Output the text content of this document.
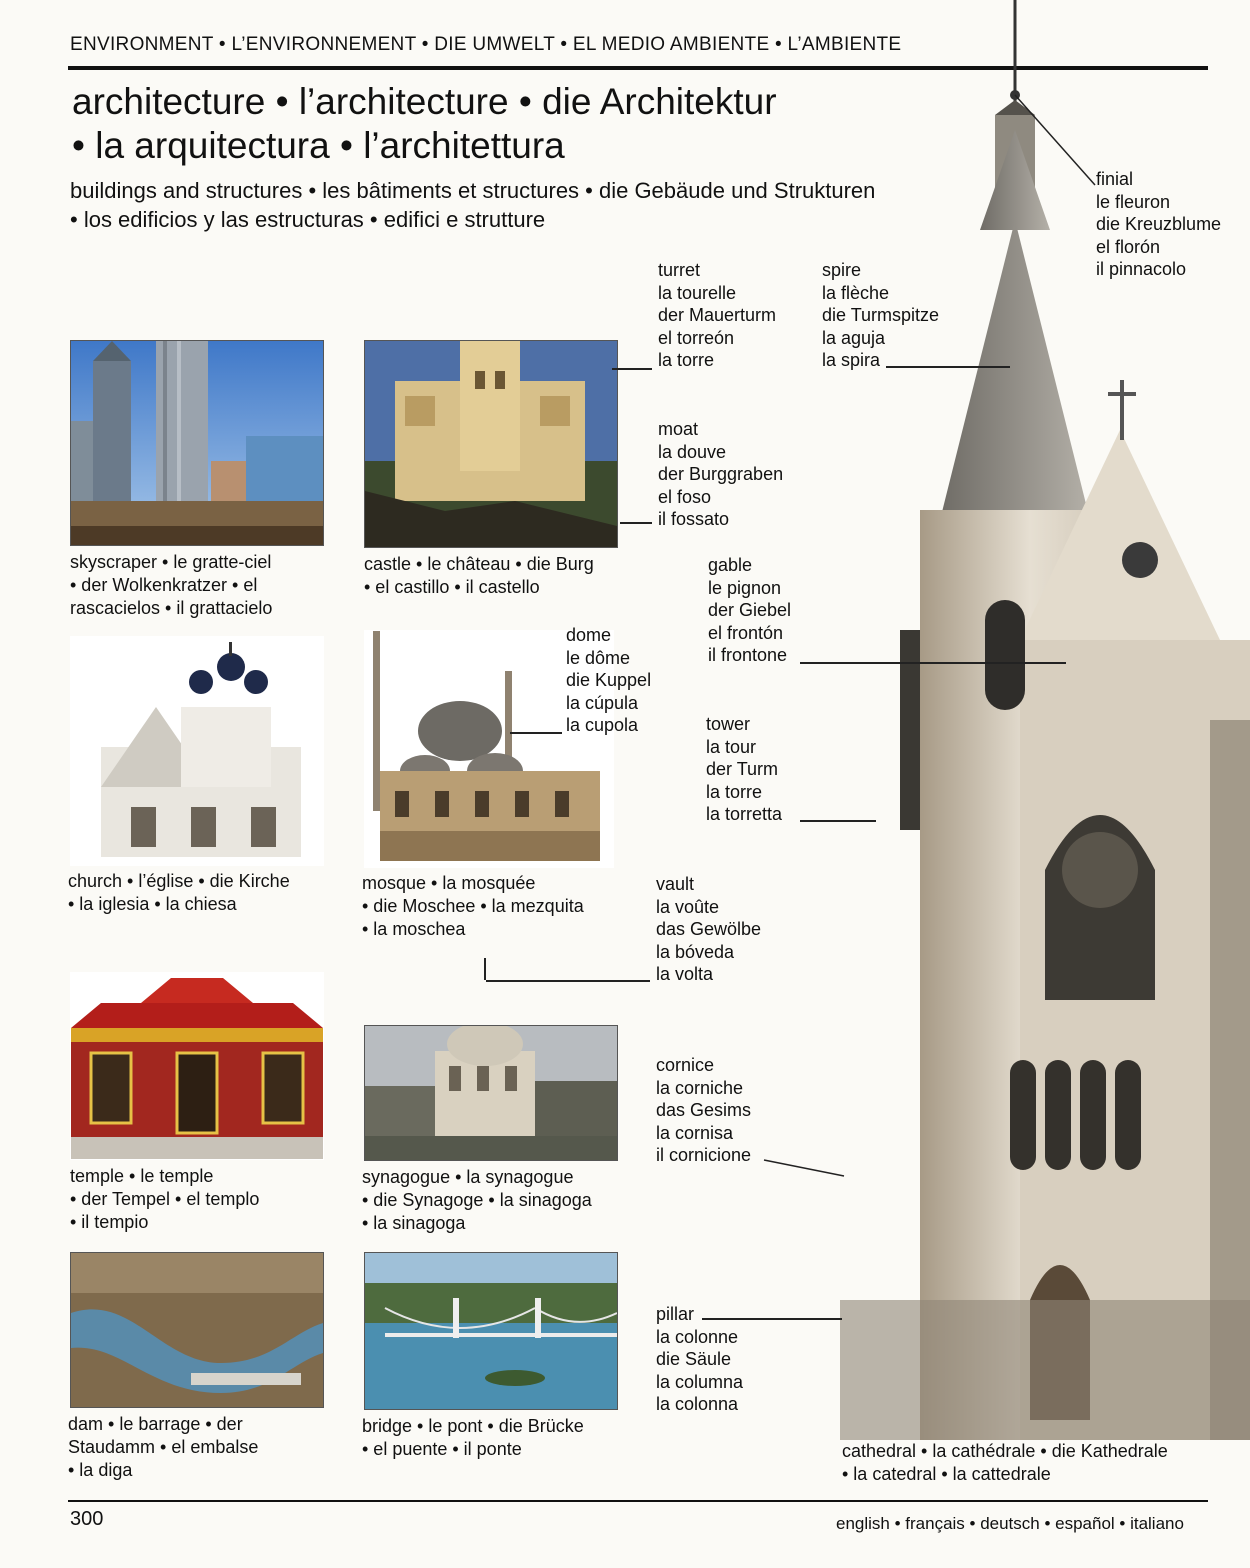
ENVIRONMENT • L’ENVIRONNEMENT • DIE UMWELT • EL MEDIO AMBIENTE • L’AMBIENTE
architecture • l’architecture • die Architektur
• la arquitectura • l’architettura
buildings and structures • les bâtiments et structures • die Gebäude und Strukturen
• los edificios y las estructuras • edifici e strutture
skyscraper • le gratte-ciel
• der Wolkenkratzer • el
rascacielos • il grattacielo
castle • le château • die Burg
• el castillo • il castello
church • l’église • die Kirche
• la iglesia • la chiesa
mosque • la mosquée
• die Moschee • la mezquita
• la moschea
temple • le temple
• der Tempel • el templo
• il tempio
synagogue • la synagogue
• die Synagoge • la sinagoga
• la sinagoga
dam • le barrage • der
Staudamm • el embalse
• la diga
bridge • le pont • die Brücke
• el puente • il ponte	cathedral • la cathédrale • die Kathedrale
• la catedral • la cattedrale
turret
la tourelle
der Mauerturm
el torreón
la torre
moat
la douve
der Burggraben
el foso
il fossato
dome
le dôme
die Kuppel
la cúpula
la cupola
vault
la voûte
das Gewölbe
la bóveda
la volta
spire
la flèche
die Turmspitze
la aguja
la spira
finial
le fleuron
die Kreuzblume
el florón
il pinnacolo
gable
le pignon
der Giebel
el frontón
il frontone
tower
la tour
der Turm
la torre
la torretta
cornice
la corniche
das Gesims
la cornisa
il cornicione
pillar
la colonne
die Säule
la columna
la colonna
300	english • français • deutsch • español • italiano
